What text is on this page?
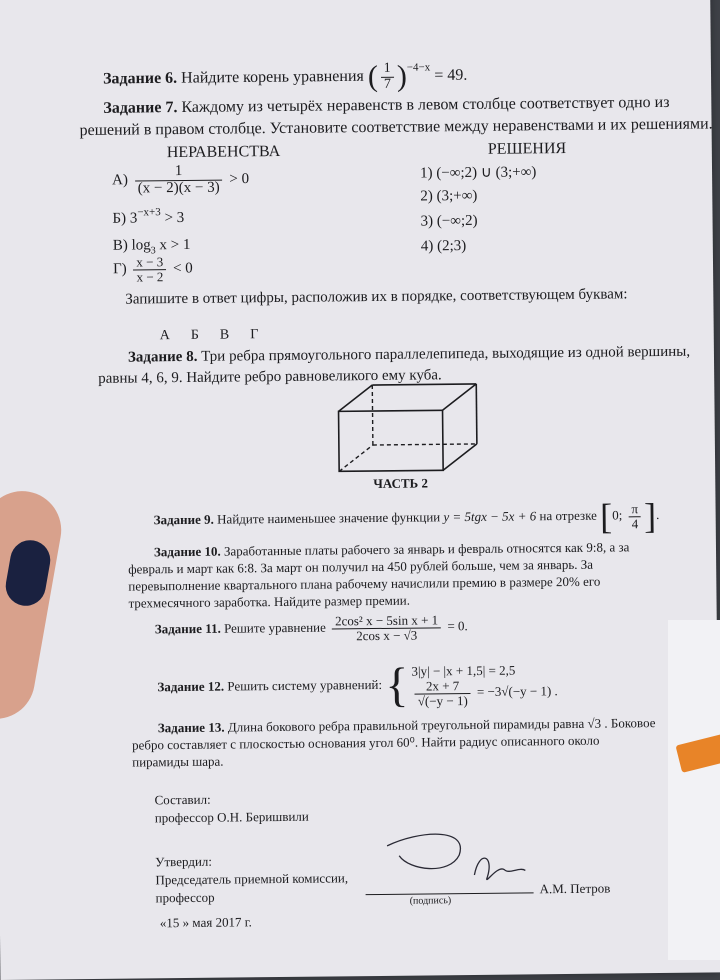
Задание 6. Найдите корень уравнения ( $\frac{1}{7} )^{-4-x} = 49$.
Задание 7. Каждому из четырёх неравенств в левом столбце соответствует одно из
решений в правом столбце. Установите соответствие между неравенствами и их решениями.
НЕРАВЕНСТВА	РЕШЕНИЯ
$А) \frac{1}{(x - 2)(x - 3)} > 0$
Б) $3^{-x+3} > 3$
В) $\log_3 x > 1$
$Г) \frac{x - 3}{x - 2} < 0$
1) (−∞;2) ∪ (3;+∞)
2) (3;+∞)
3) (−∞;2)
4) (2;3)
Запишите в ответ цифры, расположив их в порядке, соответствующем буквам:
А      Б      В      Г
Задание 8. Три ребра прямоугольного параллелепипеда, выходящие из одной вершины,
равны 4, 6, 9. Найдите ребро равновеликого ему куба.
ЧАСТЬ 2
Задание 9. Найдите наименьшее значение функции y = 5tgx − 5x + 6 на отрезке [0; $\frac{\pi}{4}$ ].
Задание 10. Заработанные платы рабочего за январь и февраль относятся как 9:8, а за
февраль и март как 6:8. За март он получил на 450 рублей больше, чем за январь. За
перевыполнение квартального плана рабочему начислили премию в размере 20% его
трехмесячного заработка. Найдите размер премии.
Задание 11. Решите уравнение $\frac{\text{2cos² x − 5sin x + 1}}{\text{2cos x − √3}} = 0$.
Задание 12. Решить систему уравнений: { 3|y| − |x + 1,5| = 2,5
$\frac{2x + 7}{√(-y - 1)} = -3√(-y - 1)$ .
Задание 13. Длина бокового ребра правильной треугольной пирамиды равна √3 . Боковое
ребро составляет с плоскостью основания угол 60⁰. Найти радиус описанного около
пирамиды шара.
Составил:
профессор О.Н. Беришвили
Утвердил:
Председатель приемной комиссии,
профессор	(подпись)
А.М. Петров
«15 » мая 2017 г.
